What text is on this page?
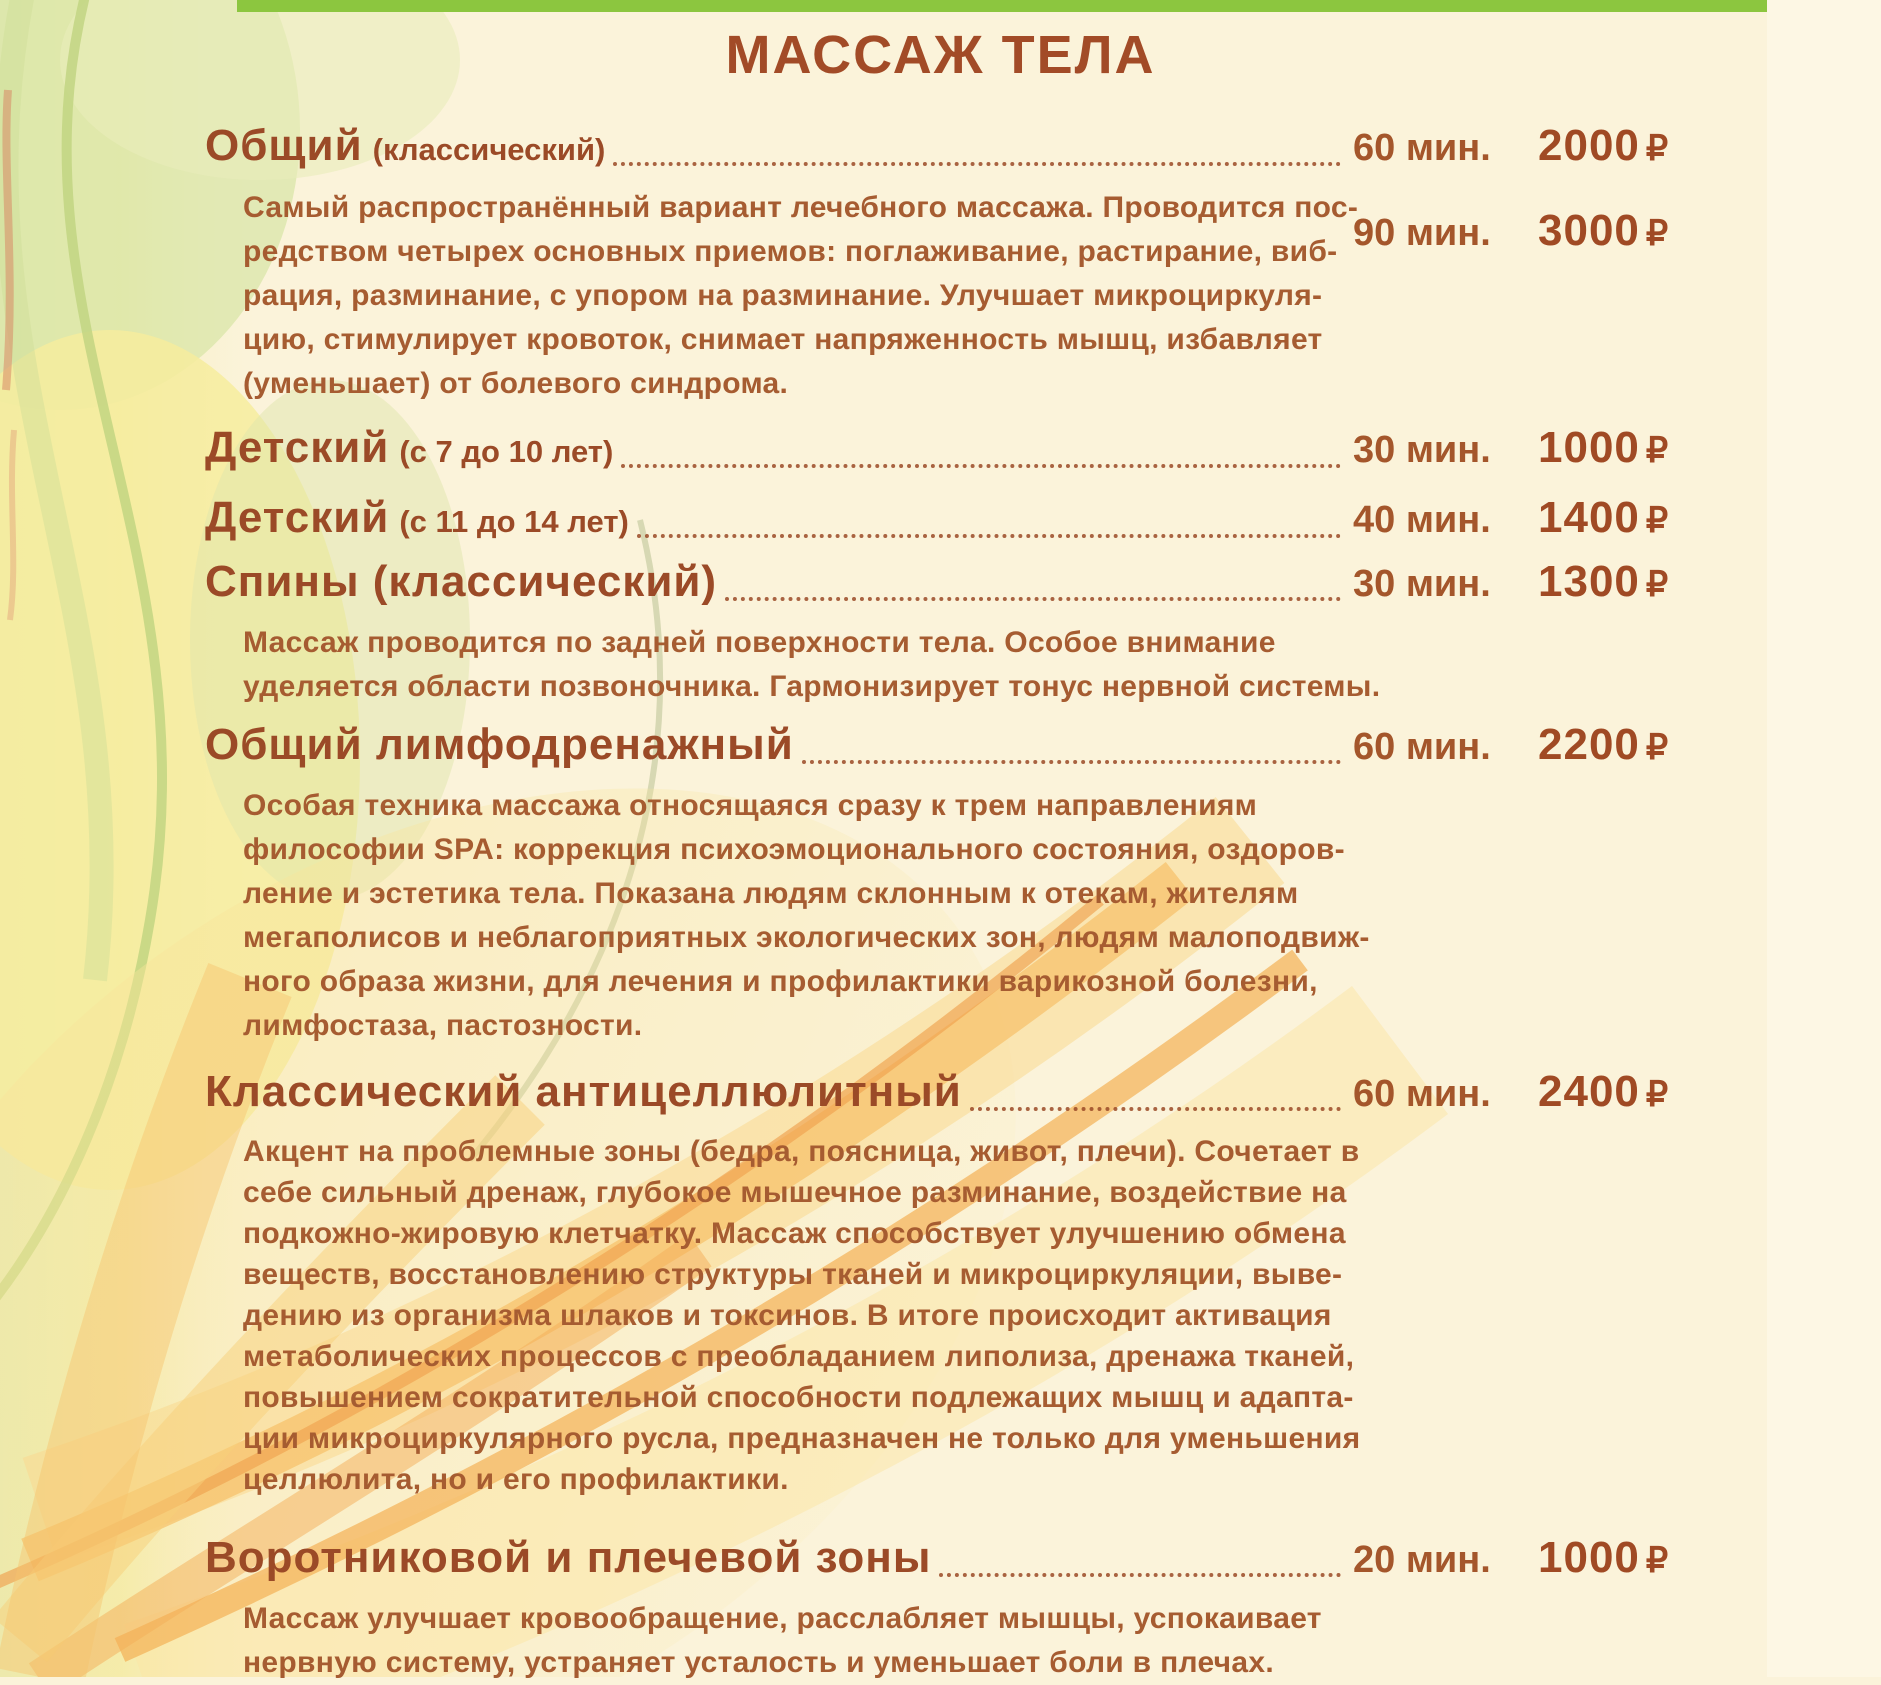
МАССАЖ ТЕЛА
Общий (классический)	60 мин.	2000 ₽
90 мин.	3000 ₽
Самый распространённый вариант лечебного массажа. Проводится пос-
редством четырех основных приемов: поглаживание, растирание, виб-
рация, разминание, с упором на разминание. Улучшает микроциркуля-
цию, стимулирует кровоток, снимает напряженность мышц, избавляет
(уменьшает) от болевого синдрома.
Детский (с 7 до 10 лет)	30 мин.	1000 ₽
Детский (с 11 до 14 лет)	40 мин.	1400 ₽
Спины (классический)	30 мин.	1300 ₽
Массаж проводится по задней поверхности тела. Особое внимание
уделяется области позвоночника. Гармонизирует тонус нервной системы.
Общий лимфодренажный	60 мин.	2200 ₽
Особая техника массажа относящаяся сразу к трем направлениям
философии SPA: коррекция психоэмоционального состояния, оздоров-
ление и эстетика тела. Показана людям склонным к отекам, жителям
мегаполисов и неблагоприятных экологических зон, людям малоподвиж-
ного образа жизни, для лечения и профилактики варикозной болезни,
лимфостаза, пастозности.
Классический антицеллюлитный	60 мин.	2400 ₽
Акцент на проблемные зоны (бедра, поясница, живот, плечи). Сочетает в
себе сильный дренаж, глубокое мышечное разминание, воздействие на
подкожно-жировую клетчатку. Массаж способствует улучшению обмена
веществ, восстановлению структуры тканей и микроциркуляции, выве-
дению из организма шлаков и токсинов. В итоге происходит активация
метаболических процессов с преобладанием липолиза, дренажа тканей,
повышением сократительной способности подлежащих мышц и адапта-
ции микроциркулярного русла, предназначен не только для уменьшения
целлюлита, но и его профилактики.
Воротниковой и плечевой зоны	20 мин.	1000 ₽
Массаж улучшает кровообращение, расслабляет мышцы, успокаивает
нервную систему, устраняет усталость и уменьшает боли в плечах.
